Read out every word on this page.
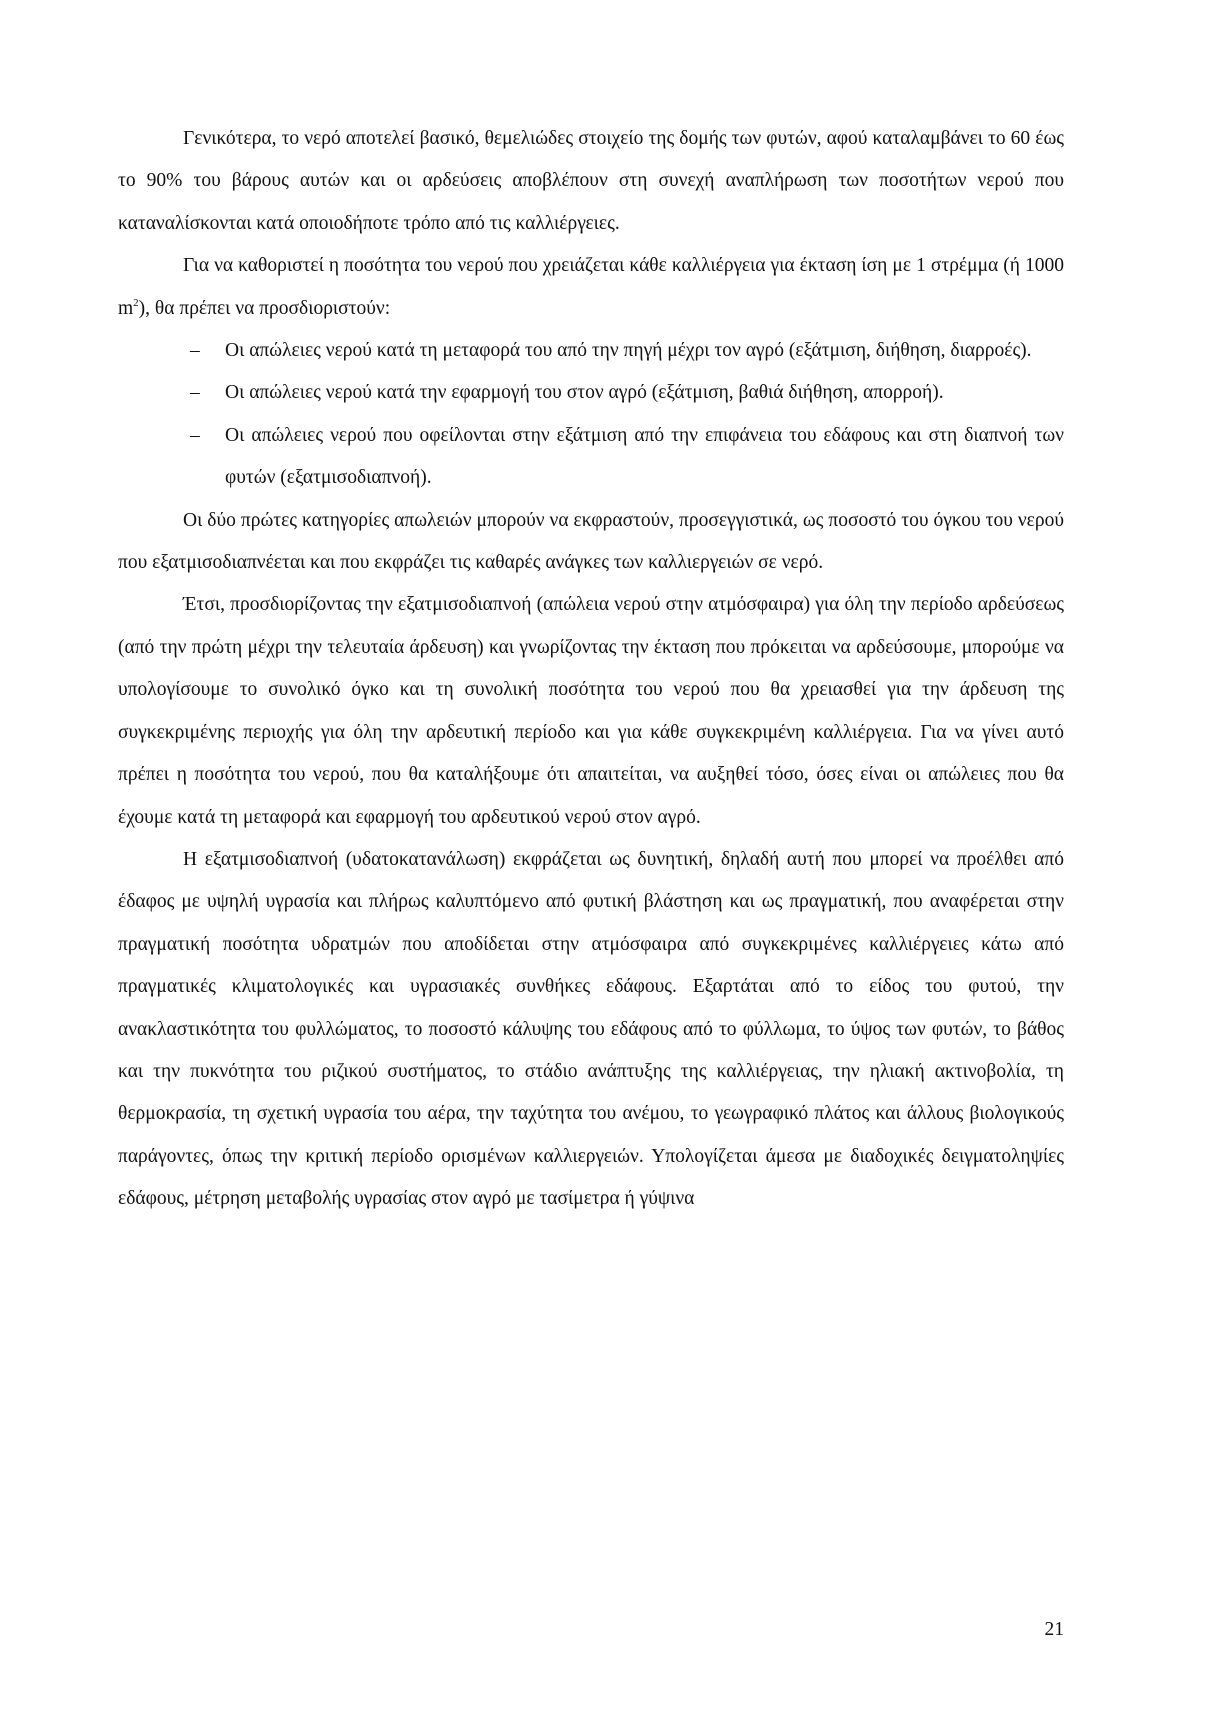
Γενικότερα, το νερό αποτελεί βασικό, θεμελιώδες στοιχείο της δομής των φυτών, αφού καταλαμβάνει το 60 έως το 90% του βάρους αυτών και οι αρδεύσεις αποβλέπουν στη συνεχή αναπλήρωση των ποσοτήτων νερού που καταναλίσκονται κατά οποιοδήποτε τρόπο από τις καλλιέργειες.

Για να καθοριστεί η ποσότητα του νερού που χρειάζεται κάθε καλλιέργεια για έκταση ίση με 1 στρέμμα (ή 1000 $m^2$), θα πρέπει να προσδιοριστούν:

– Οι απώλειες νερού κατά τη μεταφορά του από την πηγή μέχρι τον αγρό (εξάτμιση, διήθηση, διαρροές).
– Οι απώλειες νερού κατά την εφαρμογή του στον αγρό (εξάτμιση, βαθιά διήθηση, απορροή).
– Οι απώλειες νερού που οφείλονται στην εξάτμιση από την επιφάνεια του εδάφους και στη διαπνοή των φυτών (εξατμισοδιαπνοή).

Οι δύο πρώτες κατηγορίες απωλειών μπορούν να εκφραστούν, προσεγγιστικά, ως ποσοστό του όγκου του νερού που εξατμισοδιαπνέεται και που εκφράζει τις καθαρές ανάγκες των καλλιεργειών σε νερό.

Έτσι, προσδιορίζοντας την εξατμισοδιαπνοή (απώλεια νερού στην ατμόσφαιρα) για όλη την περίοδο αρδεύσεως (από την πρώτη μέχρι την τελευταία άρδευση) και γνωρίζοντας την έκταση που πρόκειται να αρδεύσουμε, μπορούμε να υπολογίσουμε το συνολικό όγκο και τη συνολική ποσότητα του νερού που θα χρειασθεί για την άρδευση της συγκεκριμένης περιοχής για όλη την αρδευτική περίοδο και για κάθε συγκεκριμένη καλλιέργεια. Για να γίνει αυτό πρέπει η ποσότητα του νερού, που θα καταλήξουμε ότι απαιτείται, να αυξηθεί τόσο, όσες είναι οι απώλειες που θα έχουμε κατά τη μεταφορά και εφαρμογή του αρδευτικού νερού στον αγρό.

Η εξατμισοδιαπνοή (υδατοκατανάλωση) εκφράζεται ως δυνητική, δηλαδή αυτή που μπορεί να προέλθει από έδαφος με υψηλή υγρασία και πλήρως καλυπτόμενο από φυτική βλάστηση και ως πραγματική, που αναφέρεται στην πραγματική ποσότητα υδρατμών που αποδίδεται στην ατμόσφαιρα από συγκεκριμένες καλλιέργειες κάτω από πραγματικές κλιματολογικές και υγρασιακές συνθήκες εδάφους. Εξαρτάται από το είδος του φυτού, την ανακλαστικότητα του φυλλώματος, το ποσοστό κάλυψης του εδάφους από το φύλλωμα, το ύψος των φυτών, το βάθος και την πυκνότητα του ριζικού συστήματος, το στάδιο ανάπτυξης της καλλιέργειας, την ηλιακή ακτινοβολία, τη θερμοκρασία, τη σχετική υγρασία του αέρα, την ταχύτητα του ανέμου, το γεωγραφικό πλάτος και άλλους βιολογικούς παράγοντες, όπως την κριτική περίοδο ορισμένων καλλιεργειών. Υπολογίζεται άμεσα με διαδοχικές δειγματοληψίες εδάφους, μέτρηση μεταβολής υγρασίας στον αγρό με τασίμετρα ή γύψινα

21
